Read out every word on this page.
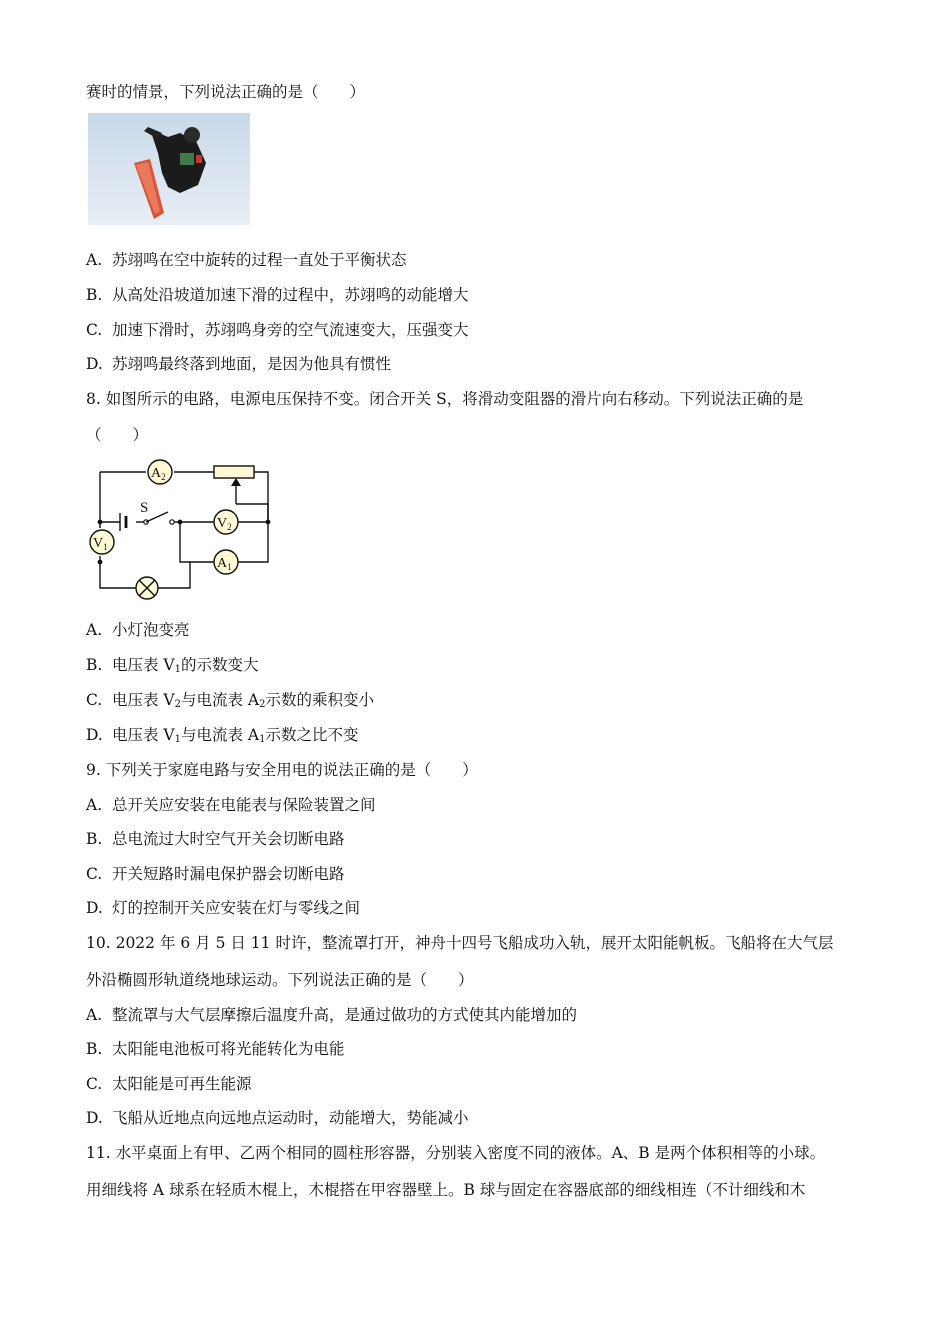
赛时的情景，下列说法正确的是（　　）
A. 苏翊鸣在空中旋转的过程一直处于平衡状态
B. 从高处沿坡道加速下滑的过程中，苏翊鸣的动能增大
C. 加速下滑时，苏翊鸣身旁的空气流速变大，压强变大
D. 苏翊鸣最终落到地面，是因为他具有惯性
8. 如图所示的电路，电源电压保持不变。闭合开关 S，将滑动变阻器的滑片向右移动。下列说法正确的是
（　　）
S
$A_2$
$V_2$
$V_1$
$A_1$
A. 小灯泡变亮
B. 电压表 $V_1$的示数变大
C. 电压表 $V_2$与电流表 $A_2$示数的乘积变小
D. 电压表 $V_1$与电流表 $A_1$示数之比不变
9. 下列关于家庭电路与安全用电的说法正确的是（　　）
A. 总开关应安装在电能表与保险装置之间
B. 总电流过大时空气开关会切断电路
C. 开关短路时漏电保护器会切断电路
D. 灯的控制开关应安装在灯与零线之间
10. 2022 年 6 月 5 日 11 时许，整流罩打开，神舟十四号飞船成功入轨，展开太阳能帆板。飞船将在大气层
外沿椭圆形轨道绕地球运动。下列说法正确的是（　　）
A. 整流罩与大气层摩擦后温度升高，是通过做功的方式使其内能增加的
B. 太阳能电池板可将光能转化为电能
C. 太阳能是可再生能源
D. 飞船从近地点向远地点运动时，动能增大，势能减小
11. 水平桌面上有甲、乙两个相同的圆柱形容器，分别装入密度不同的液体。A、B 是两个体积相等的小球。
用细线将 A 球系在轻质木棍上，木棍搭在甲容器壁上。B 球与固定在容器底部的细线相连（不计细线和木
